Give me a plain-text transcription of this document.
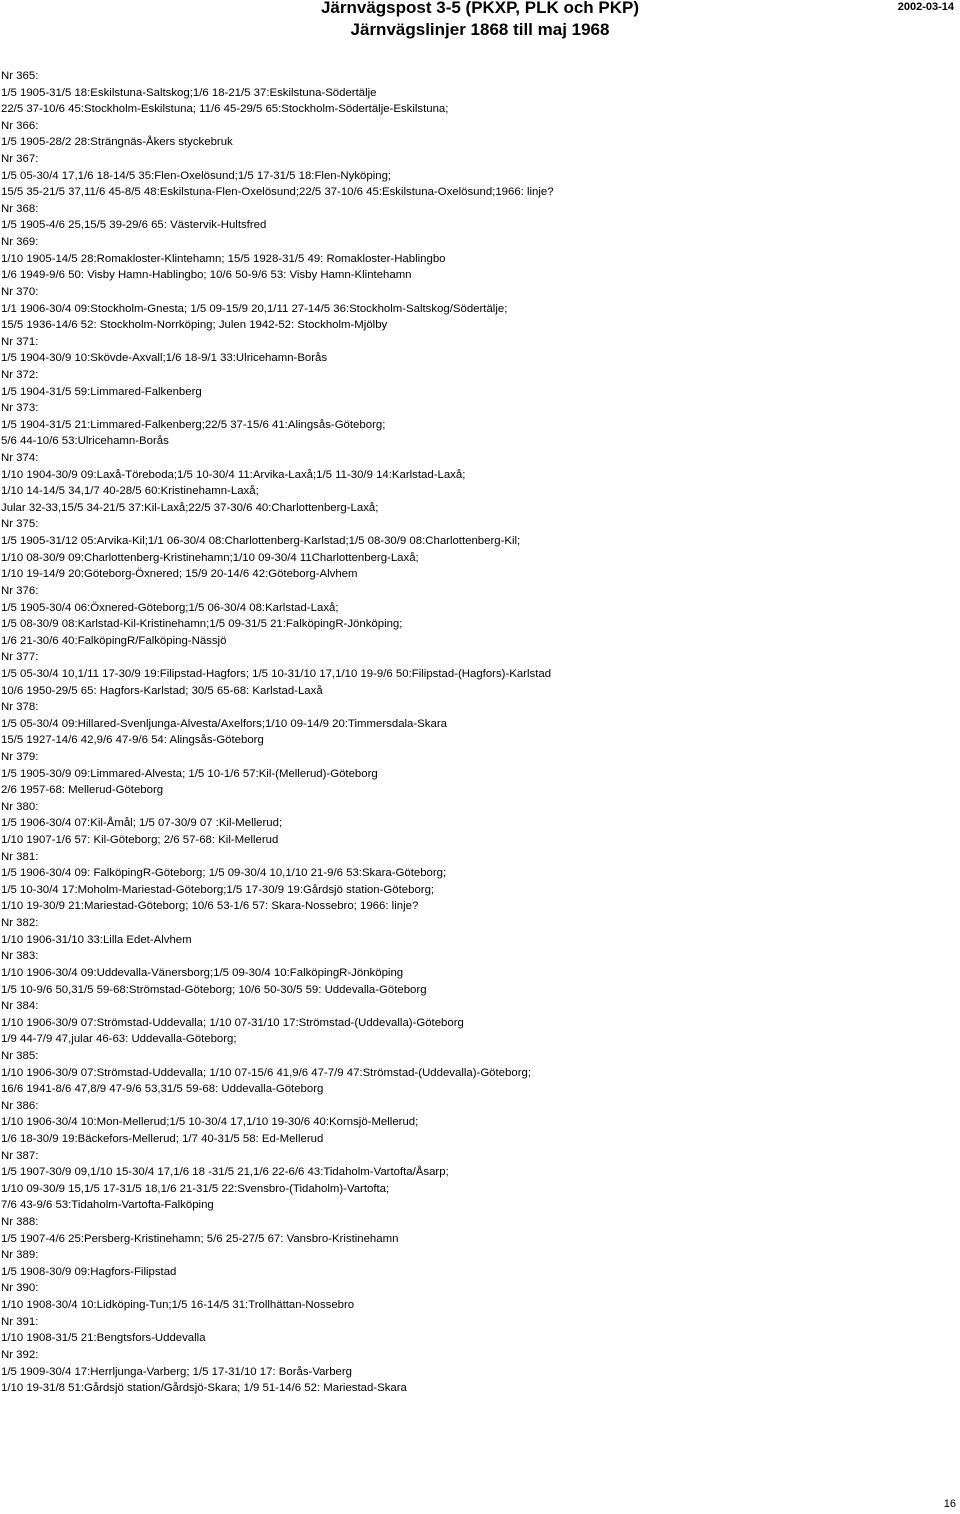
Järnvägspost 3-5 (PKXP, PLK och PKP)
Järnvägslinjer 1868 till maj 1968
2002-03-14
Nr 365:
1/5 1905-31/5 18:Eskilstuna-Saltskog;1/6 18-21/5 37:Eskilstuna-Södertälje
22/5 37-10/6 45:Stockholm-Eskilstuna; 11/6 45-29/5 65:Stockholm-Södertälje-Eskilstuna;
Nr 366:
1/5 1905-28/2 28:Strängnäs-Åkers styckebruk
Nr 367:
1/5 05-30/4 17,1/6 18-14/5 35:Flen-Oxelösund;1/5 17-31/5 18:Flen-Nyköping;
15/5 35-21/5 37,11/6 45-8/5 48:Eskilstuna-Flen-Oxelösund;22/5 37-10/6 45:Eskilstuna-Oxelösund;1966: linje?
Nr 368:
1/5 1905-4/6 25,15/5 39-29/6 65: Västervik-Hultsfred
Nr 369:
1/10 1905-14/5 28:Romakloster-Klintehamn; 15/5 1928-31/5 49: Romakloster-Hablingbo
1/6 1949-9/6 50: Visby Hamn-Hablingbo; 10/6 50-9/6 53: Visby Hamn-Klintehamn
Nr 370:
1/1 1906-30/4 09:Stockholm-Gnesta; 1/5 09-15/9 20,1/11 27-14/5 36:Stockholm-Saltskog/Södertälje;
15/5 1936-14/6 52: Stockholm-Norrköping; Julen 1942-52: Stockholm-Mjölby
Nr 371:
1/5 1904-30/9 10:Skövde-Axvall;1/6 18-9/1 33:Ulricehamn-Borås
Nr 372:
1/5 1904-31/5 59:Limmared-Falkenberg
Nr 373:
1/5 1904-31/5 21:Limmared-Falkenberg;22/5 37-15/6 41:Alingsås-Göteborg;
5/6 44-10/6 53:Ulricehamn-Borås
Nr 374:
1/10 1904-30/9 09:Laxå-Töreboda;1/5 10-30/4 11:Arvika-Laxå;1/5 11-30/9 14:Karlstad-Laxå;
1/10 14-14/5 34,1/7 40-28/5 60:Kristinehamn-Laxå;
Jular 32-33,15/5 34-21/5 37:Kil-Laxå;22/5 37-30/6 40:Charlottenberg-Laxå;
Nr 375:
1/5 1905-31/12 05:Arvika-Kil;1/1 06-30/4 08:Charlottenberg-Karlstad;1/5 08-30/9 08:Charlottenberg-Kil;
1/10 08-30/9 09:Charlottenberg-Kristinehamn;1/10 09-30/4 11Charlottenberg-Laxå;
1/10 19-14/9 20:Göteborg-Öxnered; 15/9 20-14/6 42:Göteborg-Alvhem
Nr 376:
1/5 1905-30/4 06:Öxnered-Göteborg;1/5 06-30/4 08:Karlstad-Laxå;
1/5 08-30/9 08:Karlstad-Kil-Kristinehamn;1/5 09-31/5 21:FalköpingR-Jönköping;
1/6 21-30/6 40:FalköpingR/Falköping-Nässjö
Nr 377:
1/5 05-30/4 10,1/11 17-30/9 19:Filipstad-Hagfors; 1/5 10-31/10 17,1/10 19-9/6 50:Filipstad-(Hagfors)-Karlstad
10/6 1950-29/5 65: Hagfors-Karlstad; 30/5 65-68: Karlstad-Laxå
Nr 378:
1/5 05-30/4 09:Hillared-Svenljunga-Alvesta/Axelfors;1/10 09-14/9 20:Timmersdala-Skara
15/5 1927-14/6 42,9/6 47-9/6 54: Alingsås-Göteborg
Nr 379:
1/5 1905-30/9 09:Limmared-Alvesta; 1/5 10-1/6 57:Kil-(Mellerud)-Göteborg
2/6 1957-68: Mellerud-Göteborg
Nr 380:
1/5 1906-30/4 07:Kil-Åmål; 1/5 07-30/9 07 :Kil-Mellerud;
1/10 1907-1/6 57: Kil-Göteborg; 2/6 57-68: Kil-Mellerud
Nr 381:
1/5 1906-30/4 09: FalköpingR-Göteborg; 1/5 09-30/4 10,1/10 21-9/6 53:Skara-Göteborg;
1/5 10-30/4 17:Moholm-Mariestad-Göteborg;1/5 17-30/9 19:Gårdsjö station-Göteborg;
1/10 19-30/9 21:Mariestad-Göteborg; 10/6 53-1/6 57: Skara-Nossebro; 1966: linje?
Nr 382:
1/10 1906-31/10 33:Lilla Edet-Alvhem
Nr 383:
1/10 1906-30/4 09:Uddevalla-Vänersborg;1/5 09-30/4 10:FalköpingR-Jönköping
1/5 10-9/6 50,31/5 59-68:Strömstad-Göteborg; 10/6 50-30/5 59: Uddevalla-Göteborg
Nr 384:
1/10 1906-30/9 07:Strömstad-Uddevalla; 1/10 07-31/10 17:Strömstad-(Uddevalla)-Göteborg
1/9 44-7/9 47,jular 46-63: Uddevalla-Göteborg;
Nr 385:
1/10 1906-30/9 07:Strömstad-Uddevalla; 1/10 07-15/6 41,9/6 47-7/9 47:Strömstad-(Uddevalla)-Göteborg;
16/6 1941-8/6 47,8/9 47-9/6 53,31/5 59-68: Uddevalla-Göteborg
Nr 386:
1/10 1906-30/4 10:Mon-Mellerud;1/5 10-30/4 17,1/10 19-30/6 40:Kornsjö-Mellerud;
1/6 18-30/9 19:Bäckefors-Mellerud; 1/7 40-31/5 58: Ed-Mellerud
Nr 387:
1/5 1907-30/9 09,1/10 15-30/4 17,1/6 18 -31/5 21,1/6 22-6/6 43:Tidaholm-Vartofta/Åsarp;
1/10 09-30/9 15,1/5 17-31/5 18,1/6 21-31/5 22:Svensbro-(Tidaholm)-Vartofta;
7/6 43-9/6 53:Tidaholm-Vartofta-Falköping
Nr 388:
1/5 1907-4/6 25:Persberg-Kristinehamn; 5/6 25-27/5 67: Vansbro-Kristinehamn
Nr 389:
1/5 1908-30/9 09:Hagfors-Filipstad
Nr 390:
1/10 1908-30/4 10:Lidköping-Tun;1/5 16-14/5 31:Trollhättan-Nossebro
Nr 391:
1/10 1908-31/5 21:Bengtsfors-Uddevalla
Nr 392:
1/5 1909-30/4 17:Herrljunga-Varberg; 1/5 17-31/10 17: Borås-Varberg
1/10 19-31/8 51:Gårdsjö station/Gårdsjö-Skara; 1/9 51-14/6 52: Mariestad-Skara
16
